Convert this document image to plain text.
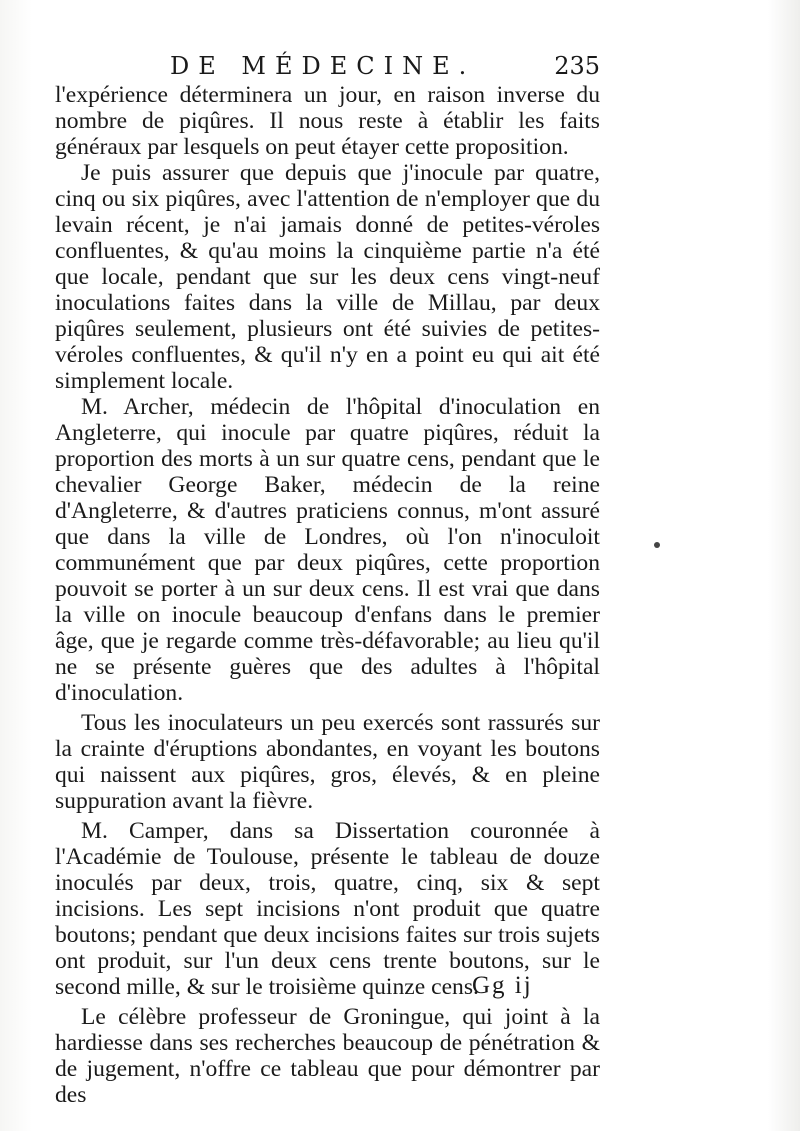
DE MÉDECINE.	235

l'expérience déterminera un jour, en raison inverse du nombre de piqûres. Il nous reste à établir les faits généraux par lesquels on peut étayer cette proposition.

Je puis assurer que depuis que j'inocule par quatre, cinq ou six piqûres, avec l'attention de n'employer que du levain récent, je n'ai jamais donné de petites-véroles confluentes, & qu'au moins la cinquième partie n'a été que locale, pendant que sur les deux cens vingt-neuf inoculations faites dans la ville de Millau, par deux piqûres seulement, plusieurs ont été suivies de petites-véroles confluentes, & qu'il n'y en a point eu qui ait été simplement locale.

M. Archer, médecin de l'hôpital d'inoculation en Angleterre, qui inocule par quatre piqûres, réduit la proportion des morts à un sur quatre cens, pendant que le chevalier George Baker, médecin de la reine d'Angleterre, & d'autres praticiens connus, m'ont assuré que dans la ville de Londres, où l'on n'inoculoit communément que par deux piqûres, cette proportion pouvoit se porter à un sur deux cens. Il est vrai que dans la ville on inocule beaucoup d'enfans dans le premier âge, que je regarde comme très-défavorable; au lieu qu'il ne se présente guères que des adultes à l'hôpital d'inoculation.

Tous les inoculateurs un peu exercés sont rassurés sur la crainte d'éruptions abondantes, en voyant les boutons qui naissent aux piqûres, gros, élevés, & en pleine suppuration avant la fièvre.

M. Camper, dans sa Dissertation couronnée à l'Académie de Toulouse, présente le tableau de douze inoculés par deux, trois, quatre, cinq, six & sept incisions. Les sept incisions n'ont produit que quatre boutons; pendant que deux incisions faites sur trois sujets ont produit, sur l'un deux cens trente boutons, sur le second mille, & sur le troisième quinze cens.

Le célèbre professeur de Groningue, qui joint à la hardiesse dans ses recherches beaucoup de pénétration & de jugement, n'offre ce tableau que pour démontrer par des

Gg ij
